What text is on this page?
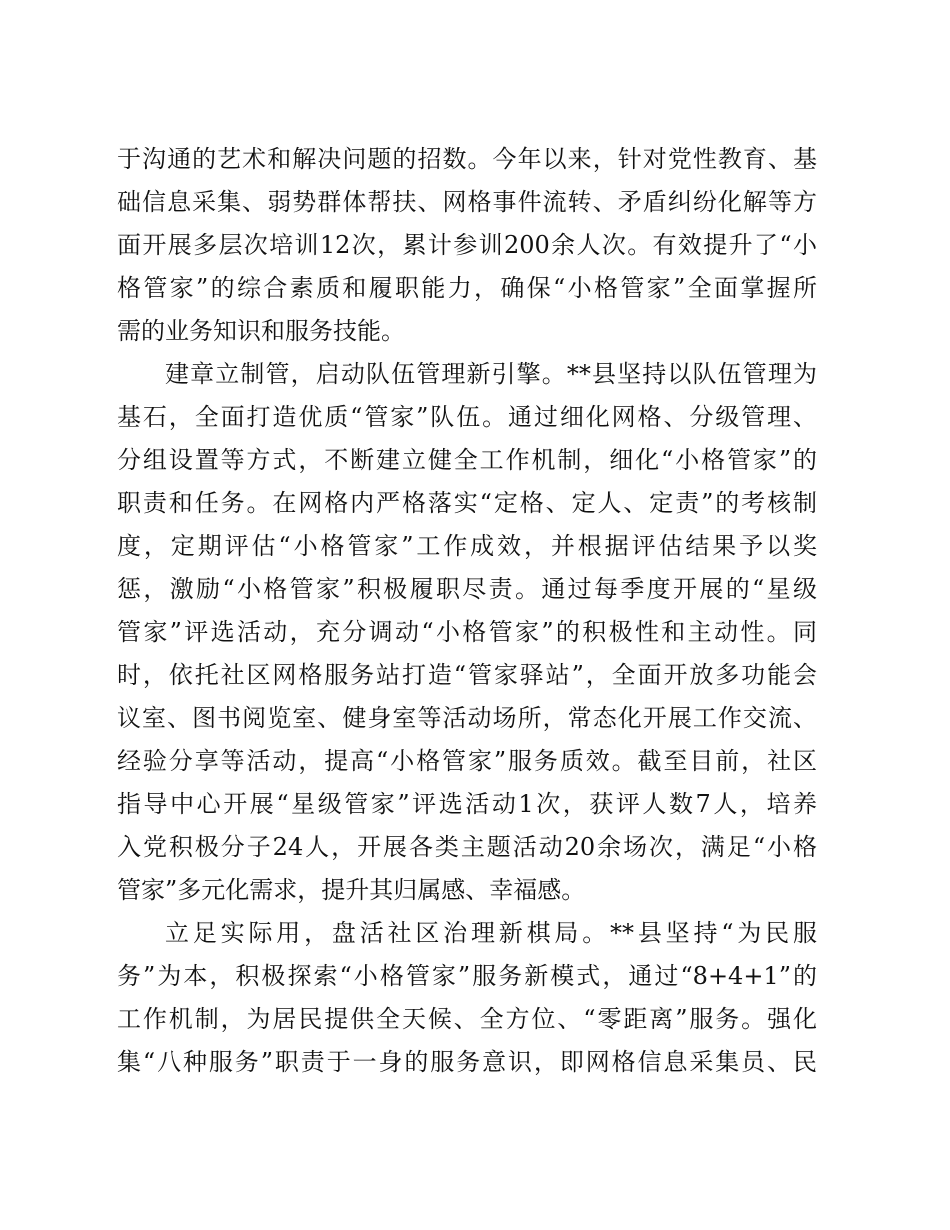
于沟通的艺术和解决问题的招数。今年以来，针对党性教育、基
础信息采集、弱势群体帮扶、网格事件流转、矛盾纠纷化解等方
面开展多层次培训12次，累计参训200余人次。有效提升了“小
格管家”的综合素质和履职能力，确保“小格管家”全面掌握所
需的业务知识和服务技能。
建章立制管，启动队伍管理新引擎。**县坚持以队伍管理为
基石，全面打造优质“管家”队伍。通过细化网格、分级管理、
分组设置等方式，不断建立健全工作机制，细化“小格管家”的
职责和任务。在网格内严格落实“定格、定人、定责”的考核制
度，定期评估“小格管家”工作成效，并根据评估结果予以奖
惩，激励“小格管家”积极履职尽责。通过每季度开展的“星级
管家”评选活动，充分调动“小格管家”的积极性和主动性。同
时，依托社区网格服务站打造“管家驿站”，全面开放多功能会
议室、图书阅览室、健身室等活动场所，常态化开展工作交流、
经验分享等活动，提高“小格管家”服务质效。截至目前，社区
指导中心开展“星级管家”评选活动1次，获评人数7人，培养
入党积极分子24人，开展各类主题活动20余场次，满足“小格
管家”多元化需求，提升其归属感、幸福感。
立足实际用，盘活社区治理新棋局。**县坚持“为民服
务”为本，积极探索“小格管家”服务新模式，通过“8+4+1”的
工作机制，为居民提供全天候、全方位、“零距离”服务。强化
集“八种服务”职责于一身的服务意识，即网格信息采集员、民
